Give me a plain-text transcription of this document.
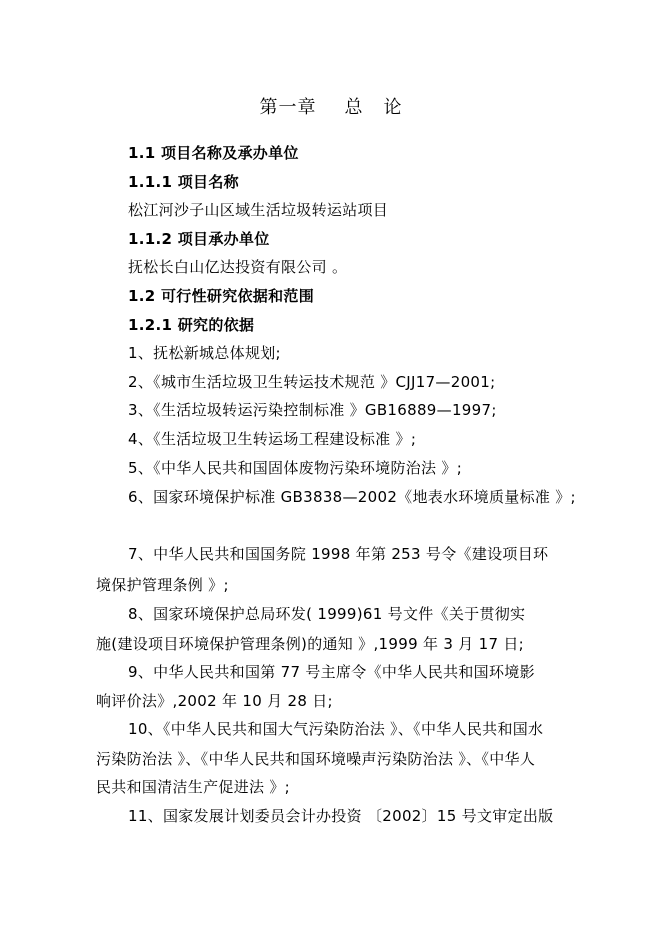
第一章 总 论
1.1 项目名称及承办单位
1.1.1 项目名称
松江河沙子山区域生活垃圾转运站项目
1.1.2 项目承办单位
抚松长白山亿达投资有限公司 。
1.2 可行性研究依据和范围
1.2.1 研究的依据
1、抚松新城总体规划;
2、《城市生活垃圾卫生转运技术规范 》CJJ17—2001;
3、《生活垃圾转运污染控制标准 》GB16889—1997;
4、《生活垃圾卫生转运场工程建设标准 》;
5、《中华人民共和国固体废物污染环境防治法 》;
6、国家环境保护标准 GB3838—2002《地表水环境质量标准 》;
7、中华人民共和国国务院 1998 年第 253 号令《建设项目环
境保护管理条例 》;
8、国家环境保护总局环发( 1999)61 号文件《关于贯彻实
施(建设项目环境保护管理条例)的通知 》,1999 年 3 月 17 日;
9、中华人民共和国第 77 号主席令《中华人民共和国环境影
响评价法》,2002 年 10 月 28 日;
10、《中华人民共和国大气污染防治法 》、《中华人民共和国水
污染防治法 》、《中华人民共和国环境噪声污染防治法 》、《中华人
民共和国清洁生产促进法 》;
11、国家发展计划委员会计办投资 〔2002〕15 号文审定出版
